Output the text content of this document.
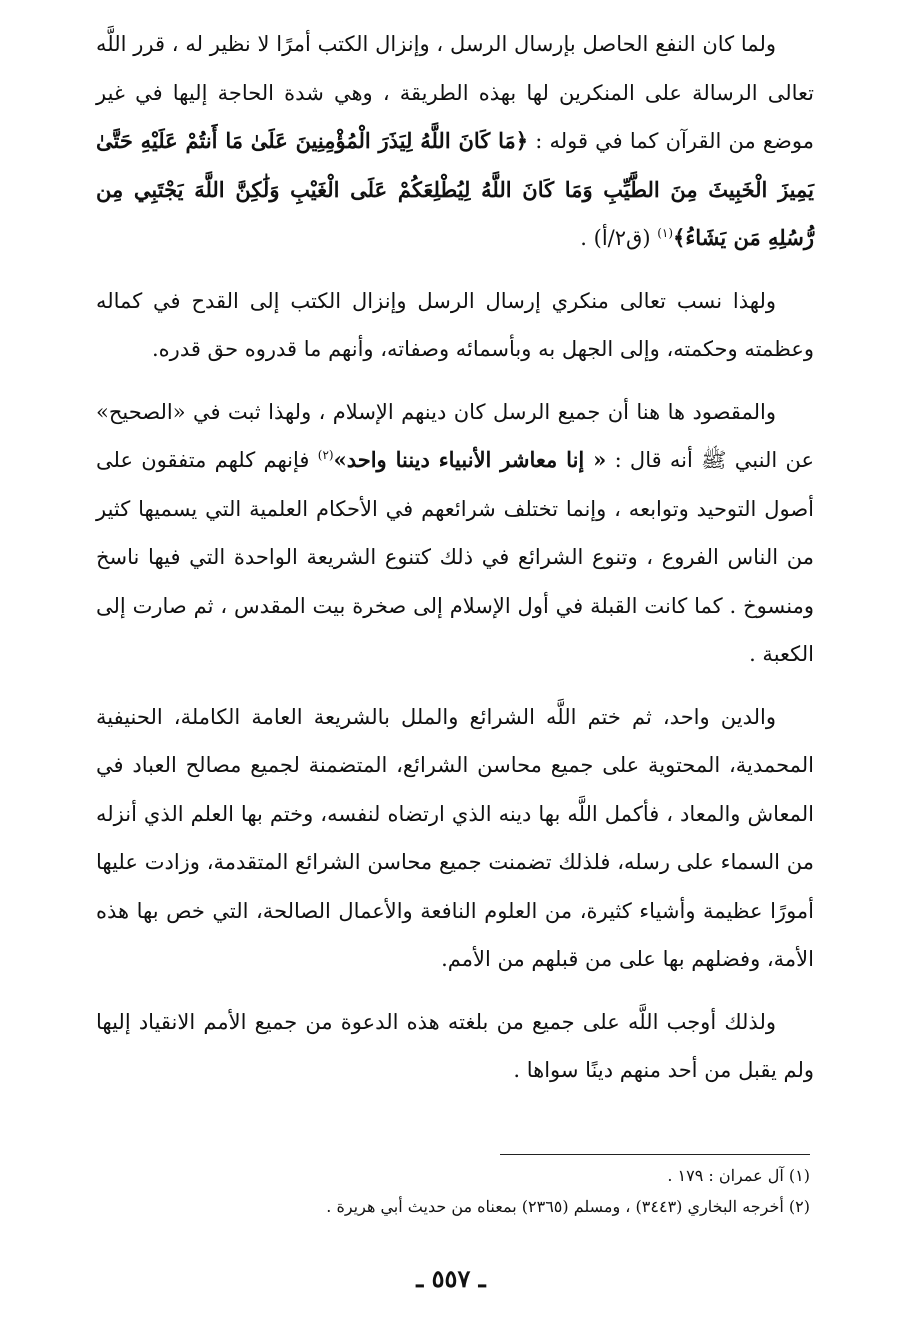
ولما كان النفع الحاصل بإرسال الرسل ، وإنزال الكتب أمرًا لا نظير له ، قرر اللَّه تعالى الرسالة على المنكرين لها بهذه الطريقة ، وهي شدة الحاجة إليها في غير موضع من القرآن كما في قوله : ﴿مَا كَانَ اللَّهُ لِيَذَرَ الْمُؤْمِنِينَ عَلَىٰ مَا أَنتُمْ عَلَيْهِ حَتَّىٰ يَمِيزَ الْخَبِيثَ مِنَ الطَّيِّبِ وَمَا كَانَ اللَّهُ لِيُطْلِعَكُمْ عَلَى الْغَيْبِ وَلَٰكِنَّ اللَّهَ يَجْتَبِي مِن رُّسُلِهِ مَن يَشَاءُ﴾$^{(١)}$ (ق٢/أ) .

ولهذا نسب تعالى منكري إرسال الرسل وإنزال الكتب إلى القدح في كماله وعظمته وحكمته، وإلى الجهل به وبأسمائه وصفاته، وأنهم ما قدروه حق قدره.

والمقصود ها هنا أن جميع الرسل كان دينهم الإسلام ، ولهذا ثبت في «الصحيح» عن النبي ﷺ أنه قال : « إنا معاشر الأنبياء ديننا واحد»$^{(٢)}$ فإنهم كلهم متفقون على أصول التوحيد وتوابعه ، وإنما تختلف شرائعهم في الأحكام العلمية التي يسميها كثير من الناس الفروع ، وتنوع الشرائع في ذلك كتنوع الشريعة الواحدة التي فيها ناسخ ومنسوخ . كما كانت القبلة في أول الإسلام إلى صخرة بيت المقدس ، ثم صارت إلى الكعبة .

والدين واحد، ثم ختم اللَّه الشرائع والملل بالشريعة العامة الكاملة، الحنيفية المحمدية، المحتوية على جميع محاسن الشرائع، المتضمنة لجميع مصالح العباد في المعاش والمعاد ، فأكمل اللَّه بها دينه الذي ارتضاه لنفسه، وختم بها العلم الذي أنزله من السماء على رسله، فلذلك تضمنت جميع محاسن الشرائع المتقدمة، وزادت عليها أمورًا عظيمة وأشياء كثيرة، من العلوم النافعة والأعمال الصالحة، التي خص بها هذه الأمة، وفضلهم بها على من قبلهم من الأمم.

ولذلك أوجب اللَّه على جميع من بلغته هذه الدعوة من جميع الأمم الانقياد إليها ولم يقبل من أحد منهم دينًا سواها .

(١) آل عمران : ١٧٩ .

(٢) أخرجه البخاري (٣٤٤٣) ، ومسلم (٢٣٦٥) بمعناه من حديث أبي هريرة .

ـ ٥٥٧ ـ
